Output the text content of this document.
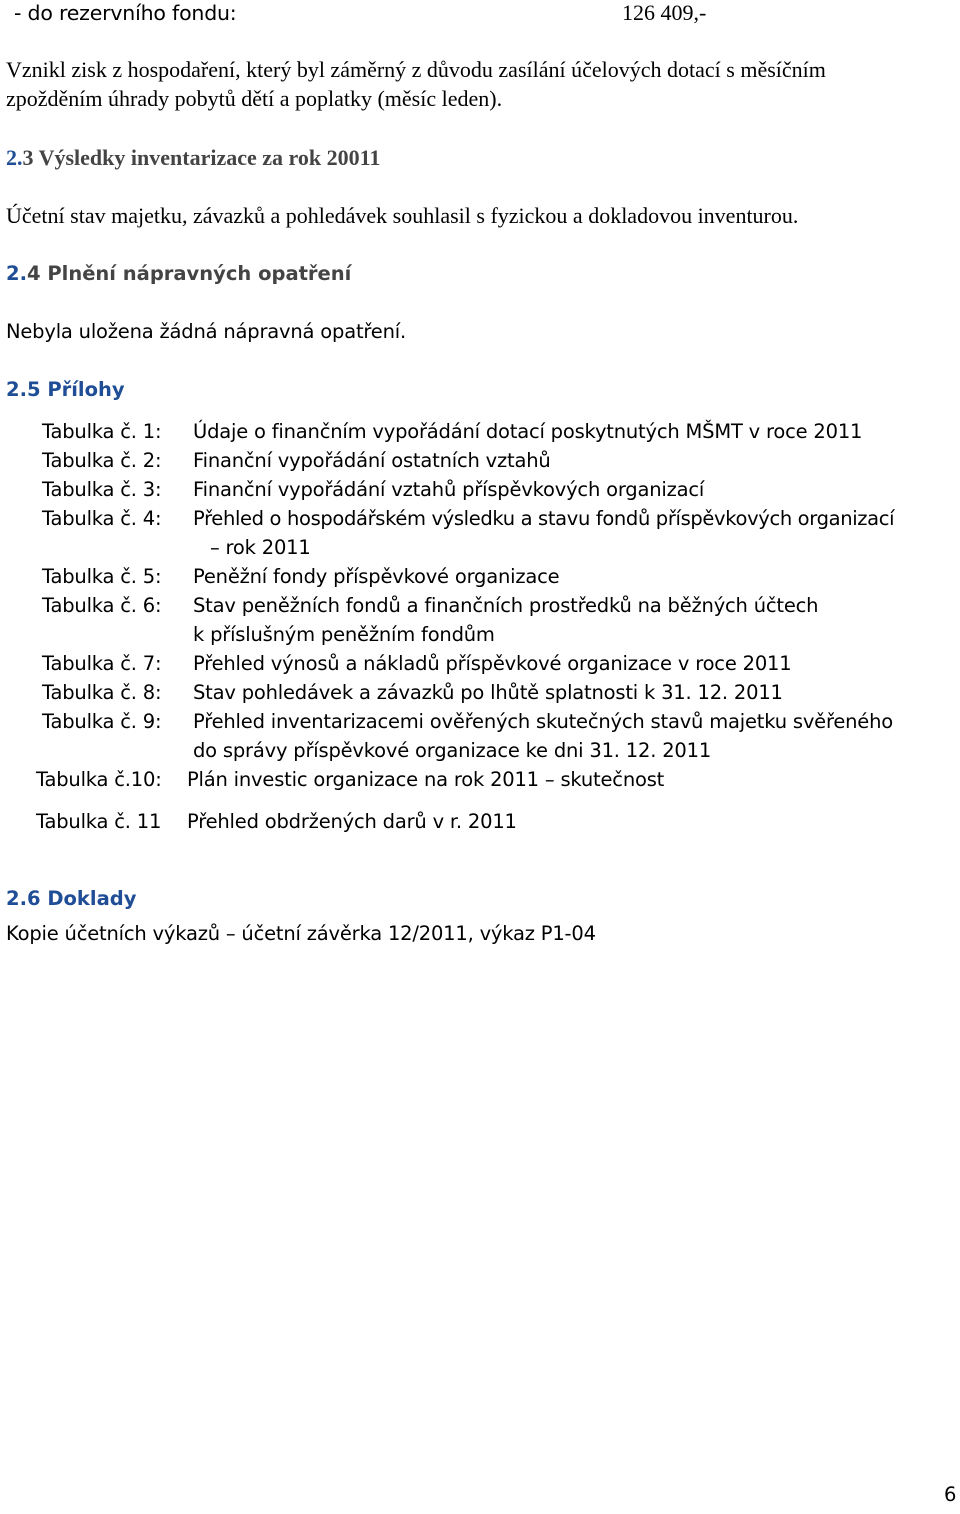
- do rezervního fondu:	126 409,-
Vznikl zisk z hospodaření, který byl záměrný z důvodu zasílání účelových dotací s měsíčním
zpožděním úhrady pobytů dětí a poplatky (měsíc leden).
2.3 Výsledky inventarizace za rok 20011
Účetní stav majetku, závazků a pohledávek souhlasil s fyzickou a dokladovou inventurou.
2.4 Plnění nápravných opatření
Nebyla uložena žádná nápravná opatření.
2.5 Přílohy
Tabulka č. 1: Údaje o finančním vypořádání dotací poskytnutých MŠMT v roce 2011
Tabulka č. 2: Finanční vypořádání ostatních vztahů
Tabulka č. 3: Finanční vypořádání vztahů příspěvkových organizací
Tabulka č. 4: Přehled o hospodářském výsledku a stavu fondů příspěvkových organizací
– rok 2011
Tabulka č. 5: Peněžní fondy příspěvkové organizace
Tabulka č. 6: Stav peněžních fondů a finančních prostředků na běžných účtech
k příslušným peněžním fondům
Tabulka č. 7: Přehled výnosů a nákladů příspěvkové organizace v roce 2011
Tabulka č. 8: Stav pohledávek a závazků po lhůtě splatnosti k 31. 12. 2011
Tabulka č. 9: Přehled inventarizacemi ověřených skutečných stavů majetku svěřeného
do správy příspěvkové organizace ke dni 31. 12. 2011
Tabulka č.10: Plán investic organizace na rok 2011 – skutečnost
Tabulka č. 11 Přehled obdržených darů v r. 2011
2.6 Doklady
Kopie účetních výkazů – účetní závěrka 12/2011, výkaz P1-04
6
